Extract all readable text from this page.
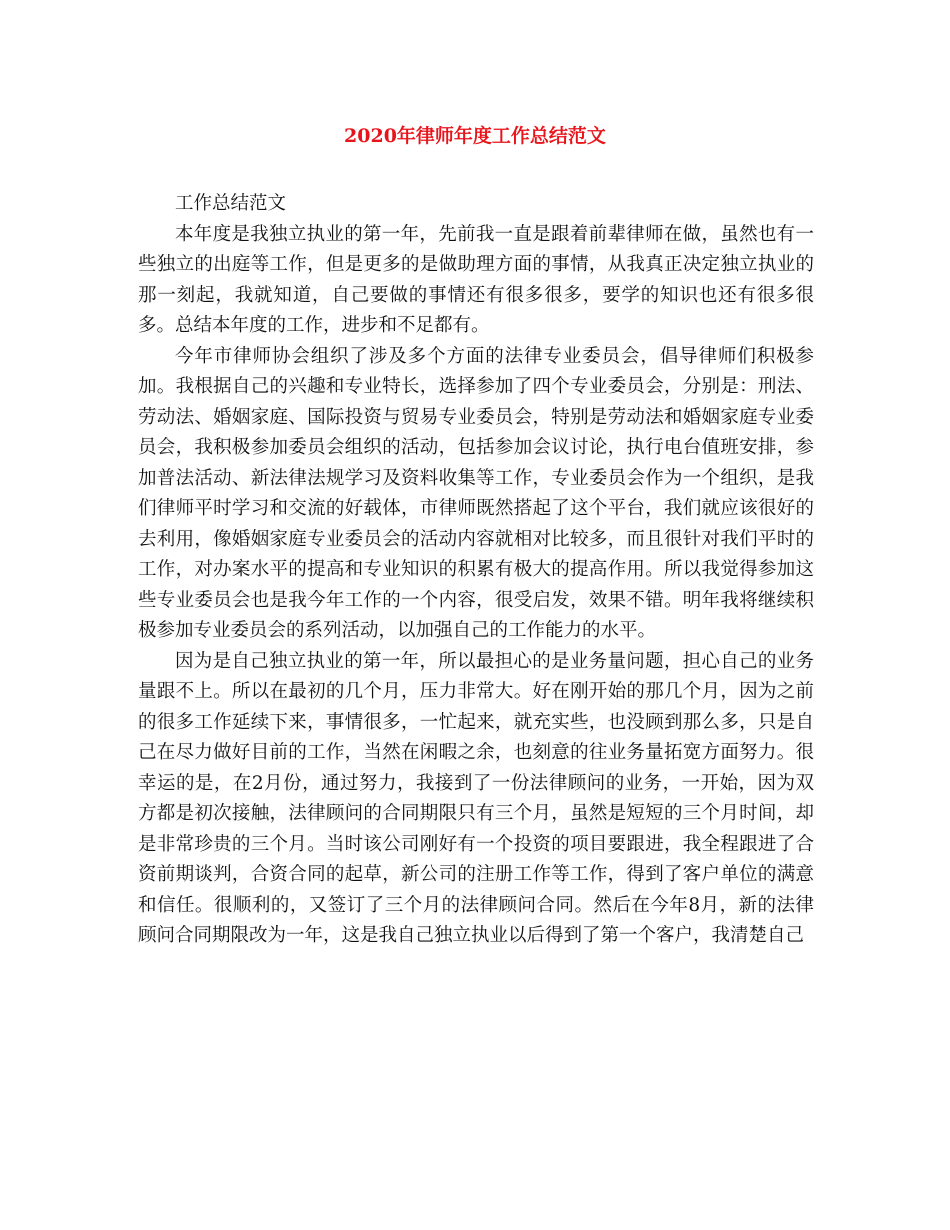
2020年律师年度工作总结范文

工作总结范文

本年度是我独立执业的第一年，先前我一直是跟着前辈律师在做，虽然也有一些独立的出庭等工作，但是更多的是做助理方面的事情，从我真正决定独立执业的那一刻起，我就知道，自己要做的事情还有很多很多，要学的知识也还有很多很多。总结本年度的工作，进步和不足都有。

今年市律师协会组织了涉及多个方面的法律专业委员会，倡导律师们积极参加。我根据自己的兴趣和专业特长，选择参加了四个专业委员会，分别是：刑法、劳动法、婚姻家庭、国际投资与贸易专业委员会，特别是劳动法和婚姻家庭专业委员会，我积极参加委员会组织的活动，包括参加会议讨论，执行电台值班安排，参加普法活动、新法律法规学习及资料收集等工作，专业委员会作为一个组织，是我们律师平时学习和交流的好载体，市律师既然搭起了这个平台，我们就应该很好的去利用，像婚姻家庭专业委员会的活动内容就相对比较多，而且很针对我们平时的工作，对办案水平的提高和专业知识的积累有极大的提高作用。所以我觉得参加这些专业委员会也是我今年工作的一个内容，很受启发，效果不错。明年我将继续积极参加专业委员会的系列活动，以加强自己的工作能力的水平。

因为是自己独立执业的第一年，所以最担心的是业务量问题，担心自己的业务量跟不上。所以在最初的几个月，压力非常大。好在刚开始的那几个月，因为之前的很多工作延续下来，事情很多，一忙起来，就充实些，也没顾到那么多，只是自己在尽力做好目前的工作，当然在闲暇之余，也刻意的往业务量拓宽方面努力。很幸运的是，在2月份，通过努力，我接到了一份法律顾问的业务，一开始，因为双方都是初次接触，法律顾问的合同期限只有三个月，虽然是短短的三个月时间，却是非常珍贵的三个月。当时该公司刚好有一个投资的项目要跟进，我全程跟进了合资前期谈判，合资合同的起草，新公司的注册工作等工作，得到了客户单位的满意和信任。很顺利的，又签订了三个月的法律顾问合同。然后在今年8月，新的法律顾问合同期限改为一年，这是我自己独立执业以后得到了第一个客户，我清楚自己
